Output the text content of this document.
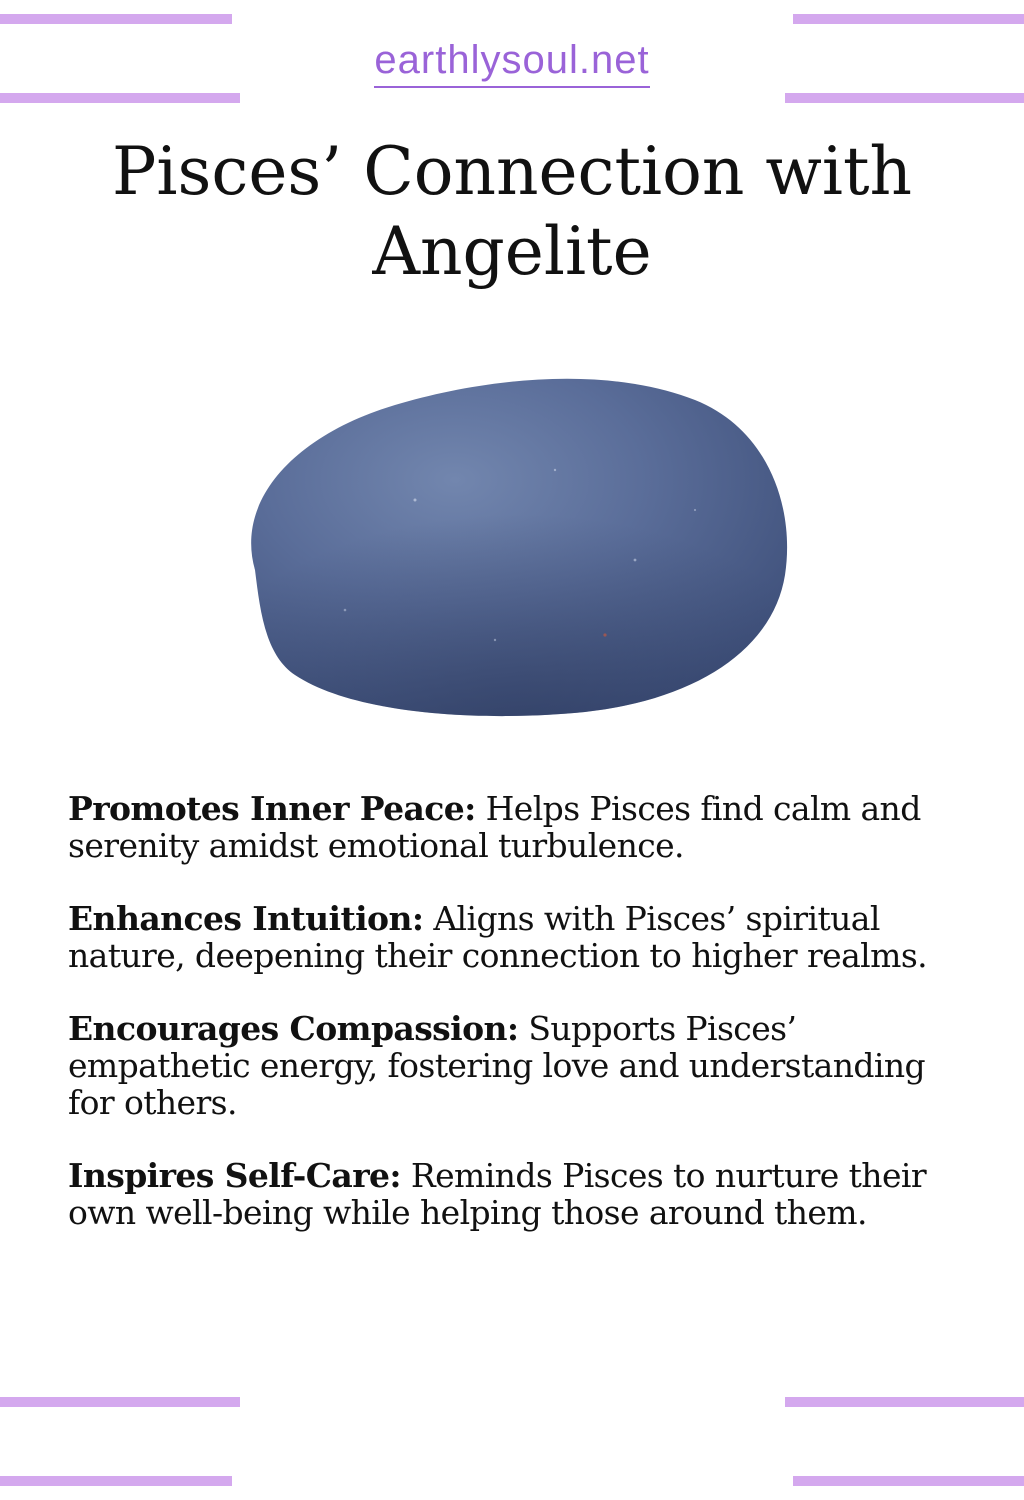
earthlysoul.net
Pisces’ Connection with Angelite

Promotes Inner Peace: Helps Pisces find calm and serenity amidst emotional turbulence.

Enhances Intuition: Aligns with Pisces’ spiritual nature, deepening their connection to higher realms.

Encourages Compassion: Supports Pisces’ empathetic energy, fostering love and understanding for others.

Inspires Self-Care: Reminds Pisces to nurture their own well-being while helping those around them.
